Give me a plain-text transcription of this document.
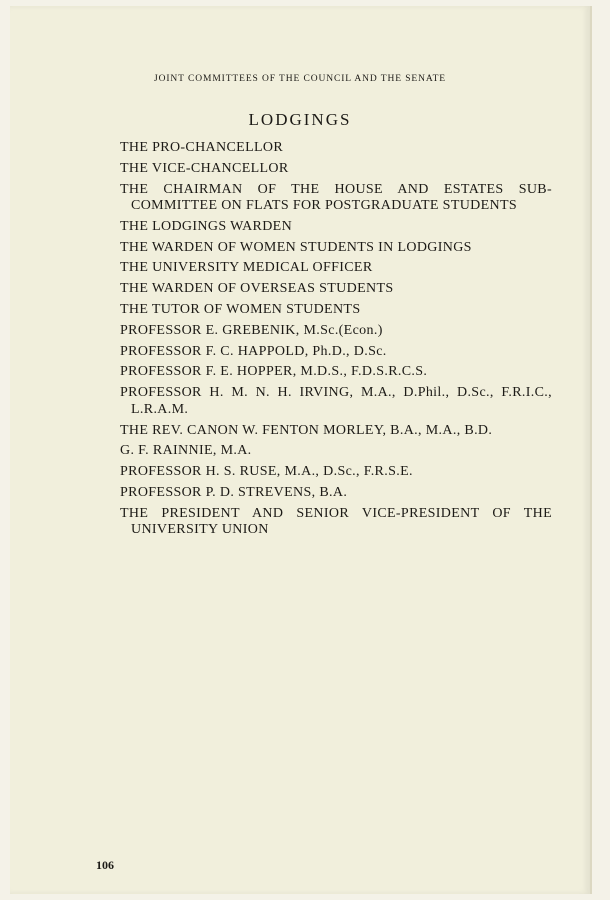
JOINT COMMITTEES OF THE COUNCIL AND THE SENATE
LODGINGS
THE PRO-CHANCELLOR
THE VICE-CHANCELLOR
THE CHAIRMAN OF THE HOUSE AND ESTATES SUB-COMMITTEE ON FLATS FOR POSTGRADUATE STUDENTS
THE LODGINGS WARDEN
THE WARDEN OF WOMEN STUDENTS IN LODGINGS
THE UNIVERSITY MEDICAL OFFICER
THE WARDEN OF OVERSEAS STUDENTS
THE TUTOR OF WOMEN STUDENTS
PROFESSOR E. GREBENIK, M.Sc.(Econ.)
PROFESSOR F. C. HAPPOLD, Ph.D., D.Sc.
PROFESSOR F. E. HOPPER, M.D.S., F.D.S.R.C.S.
PROFESSOR H. M. N. H. IRVING, M.A., D.Phil., D.Sc., F.R.I.C., L.R.A.M.
THE REV. CANON W. FENTON MORLEY, B.A., M.A., B.D.
G. F. RAINNIE, M.A.
PROFESSOR H. S. RUSE, M.A., D.Sc., F.R.S.E.
PROFESSOR P. D. STREVENS, B.A.
THE PRESIDENT AND SENIOR VICE-PRESIDENT OF THE UNIVERSITY UNION
106
